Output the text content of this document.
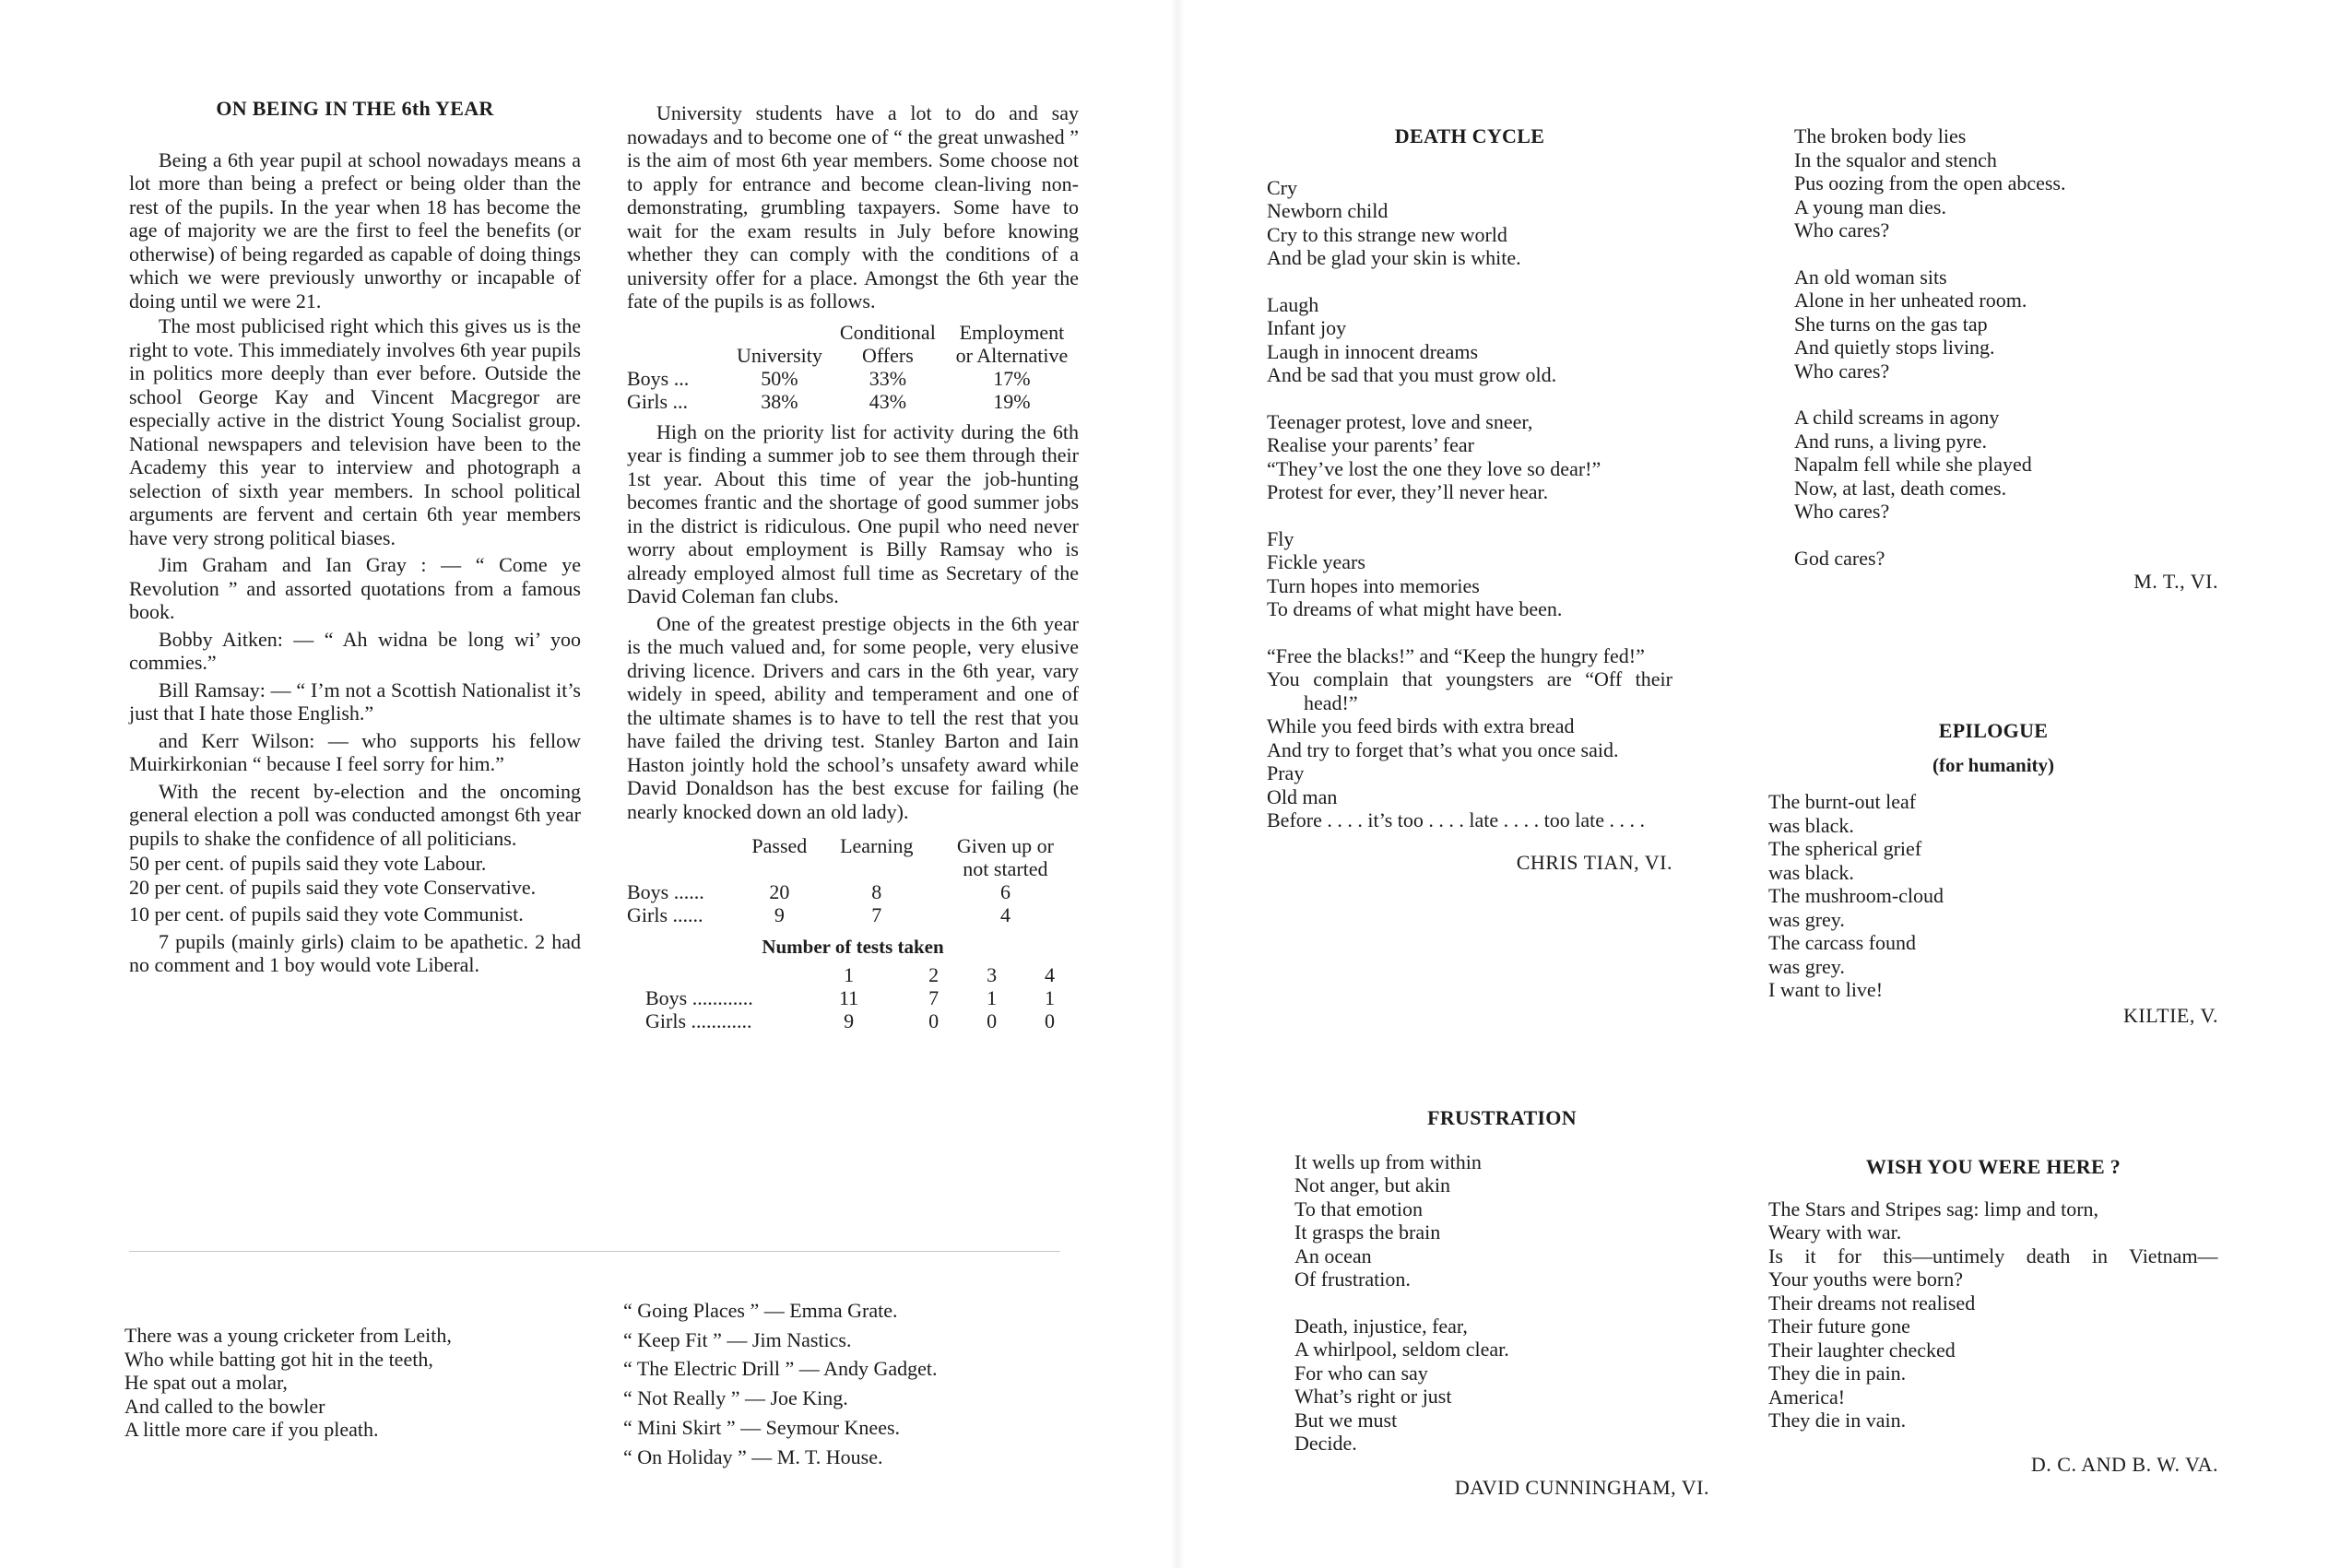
ON BEING IN THE 6th YEAR

Being a 6th year pupil at school nowadays means a lot more than being a prefect or being older than the rest of the pupils. In the year when 18 has become the age of majority we are the first to feel the benefits (or otherwise) of being regarded as capable of doing things which we were previously unworthy or incapable of doing until we were 21.

The most publicised right which this gives us is the right to vote. This immediately involves 6th year pupils in politics more deeply than ever before. Outside the school George Kay and Vincent Macgregor are especially active in the district Young Socialist group. National newspapers and television have been to the Academy this year to interview and photograph a selection of sixth year members. In school political arguments are fervent and certain 6th year members have very strong political biases.

Jim Graham and Ian Gray : — “ Come ye Revolution ” and assorted quotations from a famous book.

Bobby Aitken: — “ Ah widna be long wi’ yoo commies.”

Bill Ramsay: — “ I’m not a Scottish Nationalist it’s just that I hate those English.”

and Kerr Wilson: — who supports his fellow Muirkirkonian “ because I feel sorry for him.”

With the recent by-election and the oncoming general election a poll was conducted amongst 6th year pupils to shake the confidence of all politicians.

50 per cent. of pupils said they vote Labour.
20 per cent. of pupils said they vote Conservative.
10 per cent. of pupils said they vote Communist.

7 pupils (mainly girls) claim to be apathetic. 2 had no comment and 1 boy would vote Liberal.

University students have a lot to do and say nowadays and to become one of “ the great unwashed ” is the aim of most 6th year members. Some choose not to apply for entrance and become clean-living non-demonstrating, grumbling taxpayers. Some have to wait for the exam results in July before knowing whether they can comply with the conditions of a university offer for a place. Amongst the 6th year the fate of the pupils is as follows.

		Conditional	Employment
	University	Offers	or Alternative
Boys ...	50%	33%	17%
Girls ...	38%	43%	19%

High on the priority list for activity during the 6th year is finding a summer job to see them through their 1st year. About this time of year the job-hunting becomes frantic and the shortage of good summer jobs in the district is ridiculous. One pupil who need never worry about employment is Billy Ramsay who is already employed almost full time as Secretary of the David Coleman fan clubs.

One of the greatest prestige objects in the 6th year is the much valued and, for some people, very elusive driving licence. Drivers and cars in the 6th year, vary widely in speed, ability and temperament and one of the ultimate shames is to have to tell the rest that you have failed the driving test. Stanley Barton and Iain Haston jointly hold the school’s unsafety award while David Donaldson has the best excuse for failing (he nearly knocked down an old lady).

	Passed	Learning	Given up or
			not started
Boys ......	20	8	6
Girls ......	9	7	4
Number of tests taken
	1	2	3	4
Boys ............	11	7	1	1
Girls ............	9	0	0	0
There was a young cricketer from Leith,
Who while batting got hit in the teeth,
He spat out a molar,
And called to the bowler
A little more care if you pleath.
“ Going Places ” — Emma Grate.
“ Keep Fit ” — Jim Nastics.
“ The Electric Drill ” — Andy Gadget.
“ Not Really ” — Joe King.
“ Mini Skirt ” — Seymour Knees.
“ On Holiday ” — M. T. House.
DEATH CYCLE
Cry
Newborn child
Cry to this strange new world
And be glad your skin is white.
Laugh
Infant joy
Laugh in innocent dreams
And be sad that you must grow old.
Teenager protest, love and sneer,
Realise your parents’ fear
“They’ve lost the one they love so dear!”
Protest for ever, they’ll never hear.
Fly
Fickle years
Turn hopes into memories
To dreams of what might have been.
“Free the blacks!” and “Keep the hungry fed!”
You complain that youngsters are “Off their head!”
While you feed birds with extra bread
And try to forget that’s what you once said.
Pray
Old man
Before . . . . it’s too . . . . late . . . . too late . . . .
CHRIS TIAN, VI.
The broken body lies
In the squalor and stench
Pus oozing from the open abcess.
A young man dies.
Who cares?
An old woman sits
Alone in her unheated room.
She turns on the gas tap
And quietly stops living.
Who cares?
A child screams in agony
And runs, a living pyre.
Napalm fell while she played
Now, at last, death comes.
Who cares?
God cares?
M. T., VI.
EPILOGUE
(for humanity)
The burnt-out leaf
was black.
The spherical grief
was black.
The mushroom-cloud
was grey.
The carcass found
was grey.
I want to live!
KILTIE, V.
FRUSTRATION
It wells up from within
Not anger, but akin
To that emotion
It grasps the brain
An ocean
Of frustration.
Death, injustice, fear,
A whirlpool, seldom clear.
For who can say
What’s right or just
But we must
Decide.
DAVID CUNNINGHAM, VI.
WISH YOU WERE HERE ?
The Stars and Stripes sag: limp and torn,
Weary with war.
Is it for this—untimely death in Vietnam—
Your youths were born?
Their dreams not realised
Their future gone
Their laughter checked
They die in pain.
America!
They die in vain.
D. C. AND B. W. VA.
